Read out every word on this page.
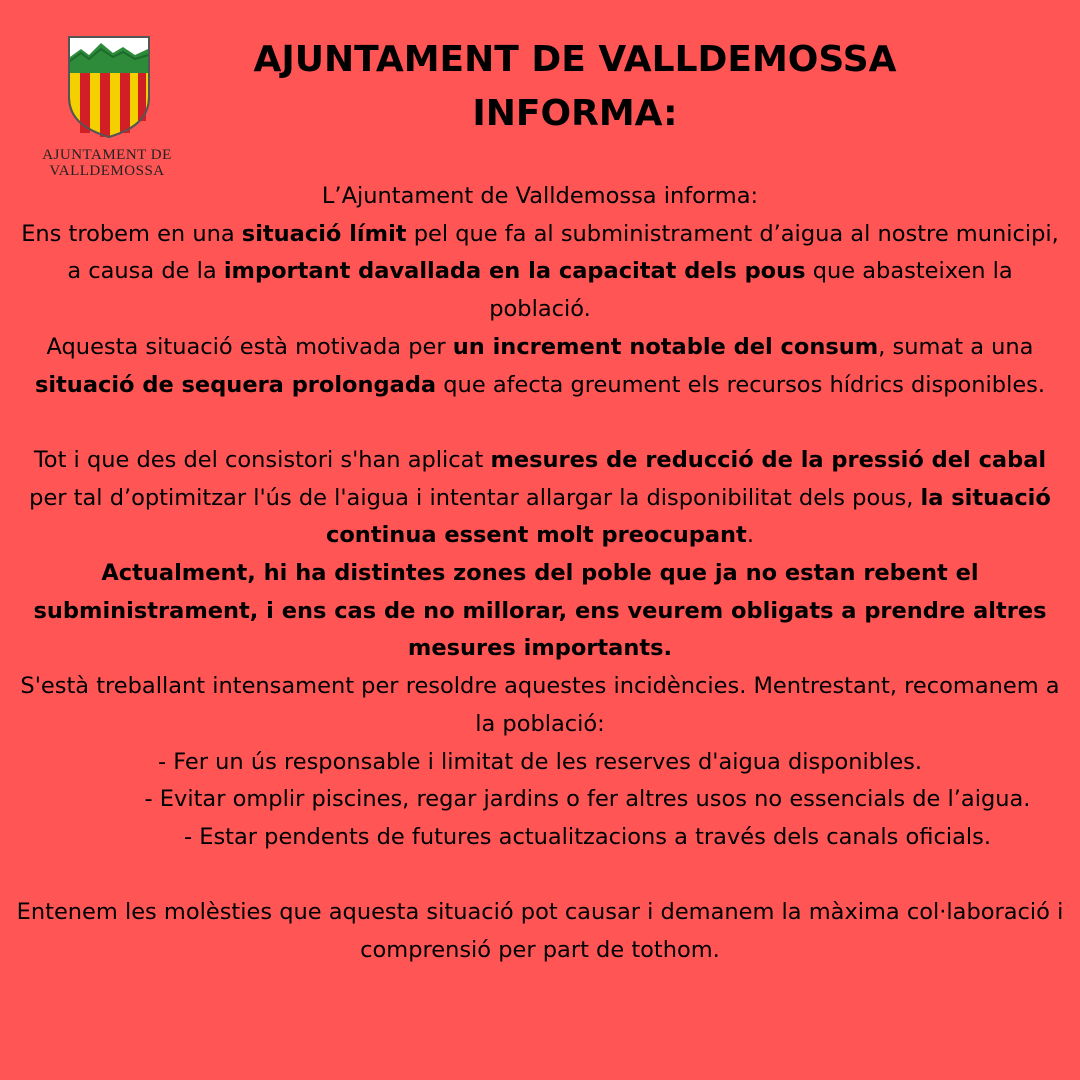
AJUNTAMENT DE
VALLDEMOSSA
AJUNTAMENT DE VALLDEMOSSA
INFORMA:

L’Ajuntament de Valldemossa informa:

Ens trobem en una situació límit pel que fa al subministrament d’aigua al nostre municipi, a causa de la important davallada en la capacitat dels pous que abasteixen la població.

Aquesta situació està motivada per un increment notable del consum, sumat a una situació de sequera prolongada que afecta greument els recursos hídrics disponibles.

Tot i que des del consistori s'han aplicat mesures de reducció de la pressió del cabal per tal d’optimitzar l'ús de l'aigua i intentar allargar la disponibilitat dels pous, la situació continua essent molt preocupant.

Actualment, hi ha distintes zones del poble que ja no estan rebent el subministrament, i ens cas de no millorar, ens veurem obligats a prendre altres mesures importants.

S'està treballant intensament per resoldre aquestes incidències. Mentrestant, recomanem a la població:

- Fer un ús responsable i limitat de les reserves d'aigua disponibles.

- Evitar omplir piscines, regar jardins o fer altres usos no essencials de l’aigua.

- Estar pendents de futures actualitzacions a través dels canals oficials.

Entenem les molèsties que aquesta situació pot causar i demanem la màxima col·laboració i comprensió per part de tothom.
